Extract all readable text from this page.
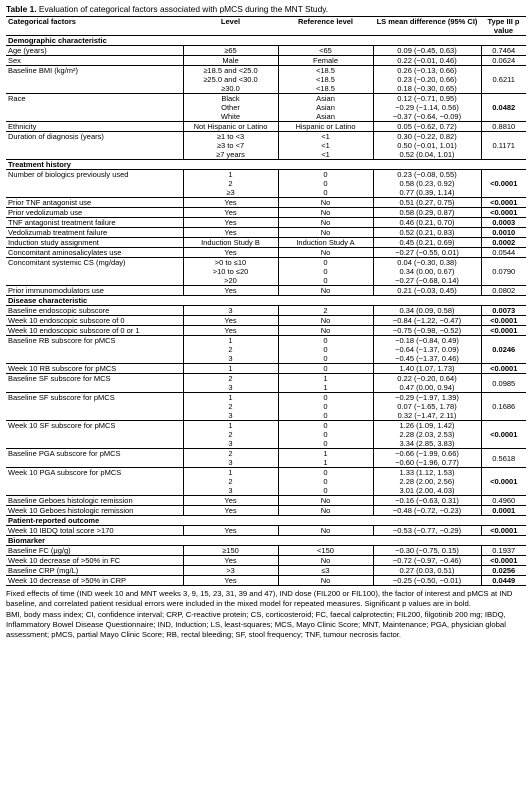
Table 1. Evaluation of categorical factors associated with pMCS during the MNT Study.
Categorical factors	Level	Reference level	LS mean difference (95% CI)	Type III p value
Demographic characteristic				
Age (years)	≥65	<65	0.09 (−0.45, 0.63)	0.7464
Sex	Male	Female	0.22 (−0.01, 0.46)	0.0624
Baseline BMI (kg/m²)	≥18.5 and <25.0	<18.5	0.26 (−0.13, 0.66)	0.6211
	≥25.0 and <30.0	<18.5	0.23 (−0.20, 0.66)	
	≥30.0	<18.5	0.18 (−0.30, 0.65)	
Race	Black	Asian	0.12 (−0.71, 0.95)	0.0482
	Other	Asian	−0.29 (−1.14, 0.56)	
	White	Asian	−0.37 (−0.64, −0.09)	
Ethnicity	Not Hispanic or Latino	Hispanic or Latino	0.05 (−0.62, 0.72)	0.8810
Duration of diagnosis (years)	≥1 to <3	<1	0.30 (−0.22, 0.82)	0.1171
	≥3 to <7	<1	0.50 (−0.01, 1.01)	
	≥7 years	<1	0.52 (0.04, 1.01)	
Treatment history				
Number of biologics previously used	1	0	0.23 (−0.08, 0.55)	<0.0001
	2	0	0.58 (0.23, 0.92)	
	≥3	0	0.77 (0.39, 1.14)	
Prior TNF antagonist use	Yes	No	0.51 (0.27, 0.75)	<0.0001
Prior vedolizumab use	Yes	No	0.58 (0.29, 0.87)	<0.0001
TNF antagonist treatment failure	Yes	No	0.46 (0.21, 0.70)	0.0003
Vedolizumab treatment failure	Yes	No	0.52 (0.21, 0.83)	0.0010
Induction study assignment	Induction Study B	Induction Study A	0.45 (0.21, 0.69)	0.0002
Concomitant aminosalicylates use	Yes	No	−0.27 (−0.55, 0.01)	0.0544
Concomitant systemic CS (mg/day)				0.0790
	>0 to ≤10	0	0.04 (−0.30, 0.38)	
	>10 to ≤20	0	0.34 (0.00, 0.67)	
	>20	0	−0.27 (−0.68, 0.14)	
Prior immunomodulators use	Yes	No	0.21 (−0.03, 0.45)	0.0802
Disease characteristic				
Baseline endoscopic subscore	3	2	0.34 (0.09, 0.58)	0.0073
Week 10 endoscopic subscore of 0	Yes	No	−0.84 (−1.22, −0.47)	<0.0001
Week 10 endoscopic subscore of 0 or 1	Yes	No	−0.75 (−0.98, −0.52)	<0.0001
Baseline RB subscore for pMCS	1	0	−0.18 (−0.84, 0.49)	0.0246
	2	0	−0.64 (−1.37, 0.09)	
	3	0	−0.45 (−1.37, 0.46)	
Week 10 RB subscore for pMCS	1	0	1.40 (1.07, 1.73)	<0.0001
Baseline SF subscore for MCS	2	1	0.22 (−0.20, 0.64)	0.0985
	3	1	0.47 (0.00, 0.94)	
Baseline SF subscore for pMCS	1	0	−0.29 (−1.97, 1.39)	0.1686
	2	0	0.07 (−1.65, 1.78)	
	3	0	0.32 (−1.47, 2.11)	
Week 10 SF subscore for pMCS	1	0	1.26 (1.09, 1.42)	<0.0001
	2	0	2.28 (2.03, 2.53)	
	3	0	3.34 (2.85, 3.83)	
Baseline PGA subscore for pMCS	2	1	−0.66 (−1.99, 0.66)	0.5618
	3	1	−0.60 (−1.96, 0.77)	
Week 10 PGA subscore for pMCS	1	0	1.33 (1.12, 1.53)	<0.0001
	2	0	2.28 (2.00, 2.56)	
	3	0	3.01 (2.00, 4.03)	
Baseline Geboes histologic remission	Yes	No	−0.16 (−0.63, 0.31)	0.4960
Week 10 Geboes histologic remission	Yes	No	−0.48 (−0.72, −0.23)	0.0001
Patient-reported outcome				
Week 10 IBDQ total score >170	Yes	No	−0.53 (−0.77, −0.29)	<0.0001
Biomarker				
Baseline FC (μg/g)	≥150	<150	−0.30 (−0.75, 0.15)	0.1937
Week 10 decrease of >50% in FC	Yes	No	−0.72 (−0.97, −0.46)	<0.0001
Baseline CRP (mg/L)	>3	≤3	0.27 (0.03, 0.51)	0.0256
Week 10 decrease of >50% in CRP	Yes	No	−0.25 (−0.50, −0.01)	0.0449

Fixed effects of time (IND week 10 and MNT weeks 3, 9, 15, 23, 31, 39 and 47), IND dose (FIL200 or FIL100), the factor of interest and pMCS at IND baseline, and correlated patient residual errors were included in the mixed model for repeated measures. Significant p values are in bold.

BMI, body mass index; CI, confidence interval; CRP, C-reactive protein; CS, corticosteroid; FC, faecal calprotectin; FIL200, filgotinib 200 mg; IBDQ, Inflammatory Bowel Disease Questionnaire; IND, Induction; LS, least-squares; MCS, Mayo Clinic Score; MNT, Maintenance; PGA, physician global assessment; pMCS, partial Mayo Clinic Score; RB, rectal bleeding; SF, stool frequency; TNF, tumour necrosis factor.
